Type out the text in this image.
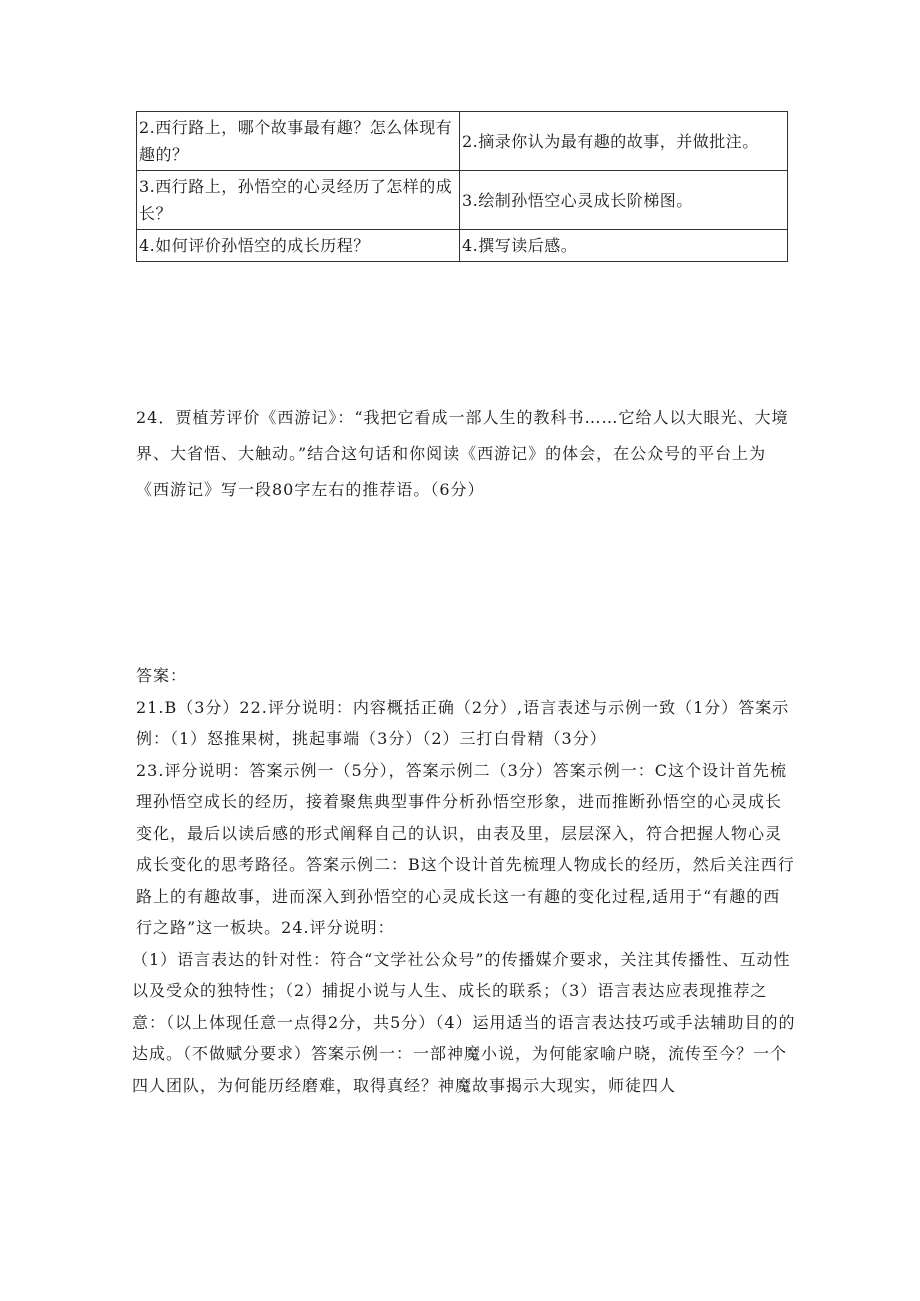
2.西行路上，哪个故事最有趣？怎么体现有趣的？	2.摘录你认为最有趣的故事，并做批注。
3.西行路上，孙悟空的心灵经历了怎样的成长？	3.绘制孙悟空心灵成长阶梯图。
4.如何评价孙悟空的成长历程？	4.撰写读后感。

24．贾植芳评价《西游记》：“我把它看成一部人生的教科书……它给人以大眼光、大境界、大省悟、大触动。”结合这句话和你阅读《西游记》的体会，在公众号的平台上为《西游记》写一段80字左右的推荐语。（6分）

答案：

21.B（3分）22.评分说明：内容概括正确（2分）,语言表述与示例一致（1分）答案示例：（1）怒推果树，挑起事端（3分）（2）三打白骨精（3分）

23.评分说明：答案示例一（5分），答案示例二（3分）答案示例一：C这个设计首先梳理孙悟空成长的经历，接着聚焦典型事件分析孙悟空形象，进而推断孙悟空的心灵成长变化，最后以读后感的形式阐释自己的认识，由表及里，层层深入，符合把握人物心灵成长变化的思考路径。答案示例二：B这个设计首先梳理人物成长的经历，然后关注西行路上的有趣故事，进而深入到孙悟空的心灵成长这一有趣的变化过程,适用于“有趣的西行之路”这一板块。24.评分说明：

（1）语言表达的针对性：符合“文学社公众号”的传播媒介要求，关注其传播性、互动性以及受众的独特性；（2）捕捉小说与人生、成长的联系；（3）语言表达应表现推荐之意：（以上体现任意一点得2分，共5分）（4）运用适当的语言表达技巧或手法辅助目的的达成。（不做赋分要求）答案示例一：一部神魔小说，为何能家喻户晓，流传至今？一个四人团队，为何能历经磨难，取得真经？神魔故事揭示大现实，师徒四人
